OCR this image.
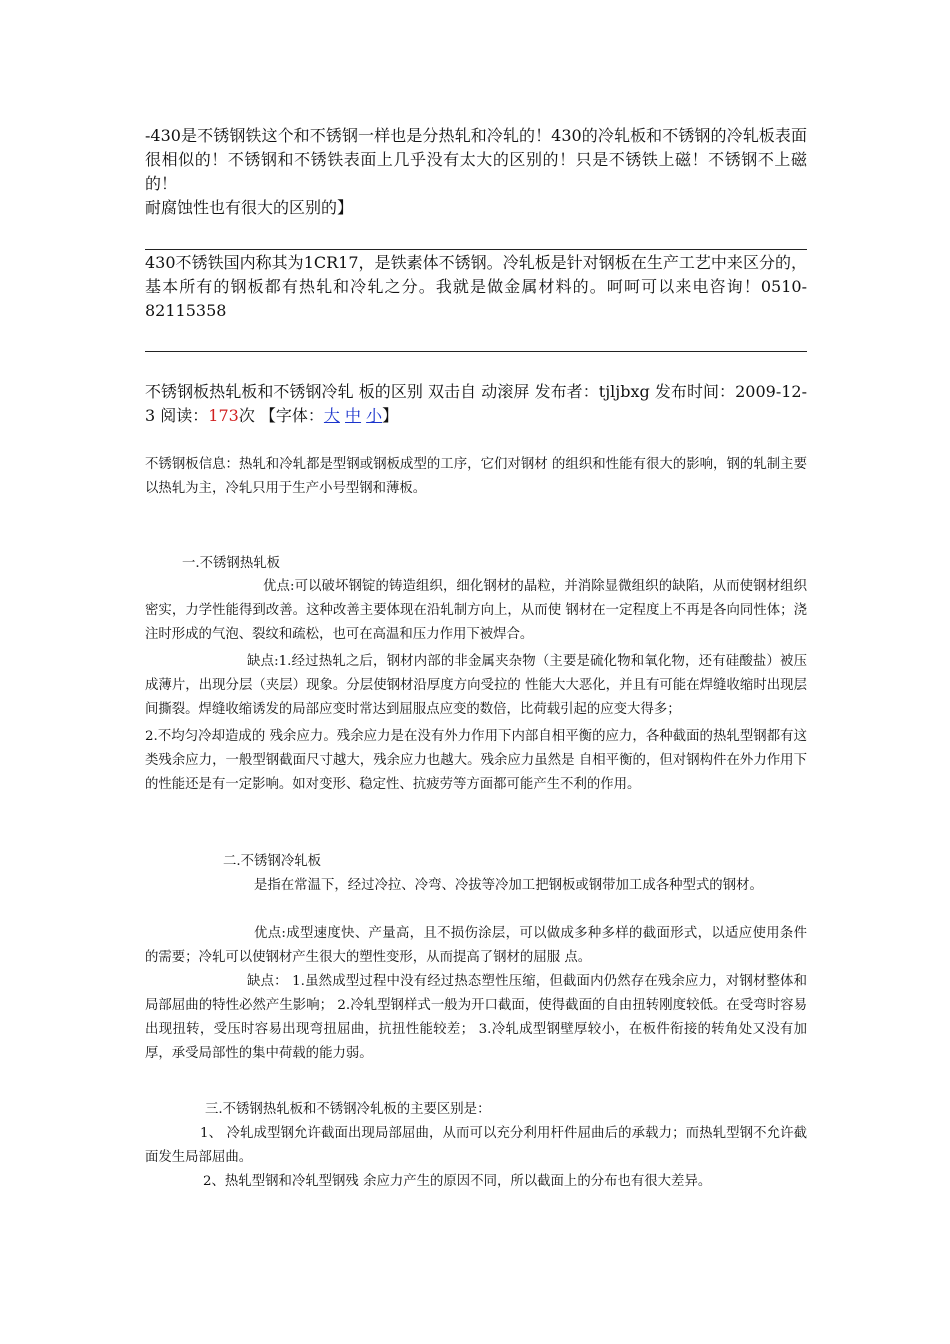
-430是不锈钢铁这个和不锈钢一样也是分热轧和冷轧的！430的冷轧板和不锈钢的冷轧板表面很相似的！不锈钢和不锈铁表面上几乎没有太大的区别的！只是不锈铁上磁！不锈钢不上磁的！
耐腐蚀性也有很大的区别的】
430不锈铁国内称其为1CR17，是铁素体不锈钢。冷轧板是针对钢板在生产工艺中来区分的，基本所有的钢板都有热轧和冷轧之分。我就是做金属材料的。呵呵可以来电咨询！0510-82115358
不锈钢板热轧板和不锈钢冷轧 板的区别 双击自 动滚屏 发布者：tjljbxg 发布时间：2009-12-3 阅读：173次 【字体：大 中 小】
不锈钢板信息：热轧和冷轧都是型钢或钢板成型的工序，它们对钢材 的组织和性能有很大的影响，钢的轧制主要以热轧为主，冷轧只用于生产小号型钢和薄板。
一.不锈钢热轧板
优点:可以破坏钢锭的铸造组织，细化钢材的晶粒，并消除显微组织的缺陷，从而使钢材组织密实，力学性能得到改善。这种改善主要体现在沿轧制方向上，从而使 钢材在一定程度上不再是各向同性体；浇注时形成的气泡、裂纹和疏松，也可在高温和压力作用下被焊合。
缺点:1.经过热轧之后，钢材内部的非金属夹杂物（主要是硫化物和氧化物，还有硅酸盐）被压成薄片，出现分层（夹层）现象。分层使钢材沿厚度方向受拉的 性能大大恶化，并且有可能在焊缝收缩时出现层间撕裂。焊缝收缩诱发的局部应变时常达到屈服点应变的数倍，比荷载引起的应变大得多；
2.不均匀冷却造成的 残余应力。残余应力是在没有外力作用下内部自相平衡的应力，各种截面的热轧型钢都有这类残余应力，一般型钢截面尺寸越大，残余应力也越大。残余应力虽然是 自相平衡的，但对钢构件在外力作用下的性能还是有一定影响。如对变形、稳定性、抗疲劳等方面都可能产生不利的作用。
二.不锈钢冷轧板
是指在常温下，经过冷拉、冷弯、冷拔等冷加工把钢板或钢带加工成各种型式的钢材。
优点:成型速度快、产量高，且不损伤涂层，可以做成多种多样的截面形式，以适应使用条件的需要；冷轧可以使钢材产生很大的塑性变形，从而提高了钢材的屈服 点。
缺点： 1.虽然成型过程中没有经过热态塑性压缩，但截面内仍然存在残余应力，对钢材整体和局部屈曲的特性必然产生影响； 2.冷轧型钢样式一般为开口截面，使得截面的自由扭转刚度较低。在受弯时容易出现扭转，受压时容易出现弯扭屈曲，抗扭性能较差； 3.冷轧成型钢壁厚较小，在板件衔接的转角处又没有加厚，承受局部性的集中荷载的能力弱。
三.不锈钢热轧板和不锈钢冷轧板的主要区别是：
1、 冷轧成型钢允许截面出现局部屈曲，从而可以充分利用杆件屈曲后的承载力；而热轧型钢不允许截面发生局部屈曲。
2、热轧型钢和冷轧型钢残 余应力产生的原因不同，所以截面上的分布也有很大差异。
